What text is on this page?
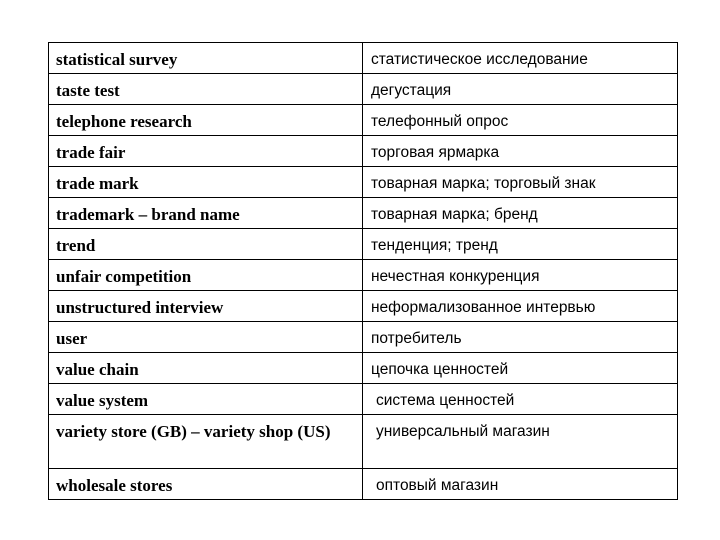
statistical survey	статистическое исследование
taste test	дегустация
telephone research	телефонный опрос
trade fair	торговая ярмарка
trade mark	товарная марка; торговый знак
trademark – brand name	товарная марка; бренд
trend	тенденция; тренд
unfair competition	нечестная конкуренция
unstructured interview	неформализованное интервью
user	потребитель
value chain	цепочка ценностей
value system	система ценностей
variety store (GB) – variety shop (US)	универсальный магазин
wholesale stores	оптовый магазин
